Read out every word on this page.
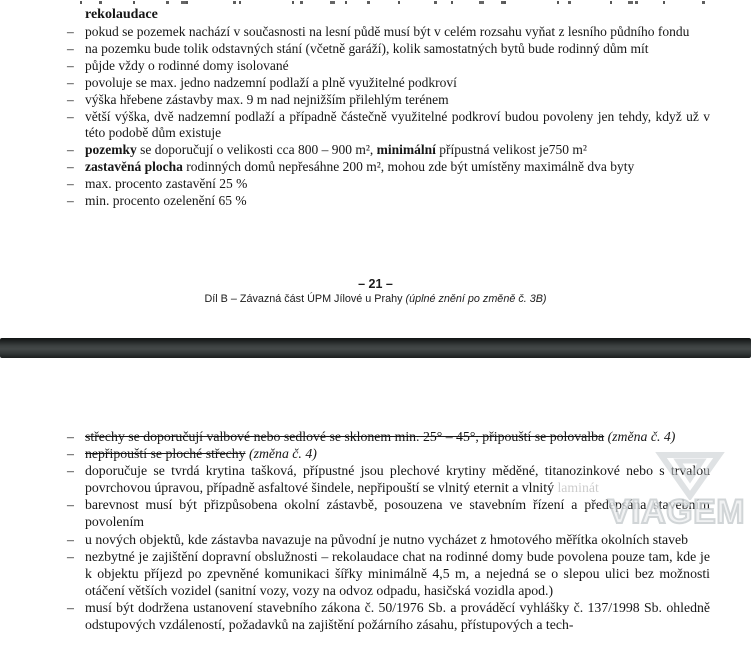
rekolaudace
– pokud se pozemek nachází v současnosti na lesní půdě musí být v celém rozsahu vyňat z lesního půdního fondu
– na pozemku bude tolik odstavných stání (včetně garáží), kolik samostatných bytů bude rodinný dům mít
– půjde vždy o rodinné domy isolované
– povoluje se max. jedno nadzemní podlaží a plně využitelné podkroví
– výška hřebene zástavby max. 9 m nad nejnižším přilehlým terénem
– větší výška, dvě nadzemní podlaží a případně částečně využitelné podkroví budou povoleny jen tehdy, když už v této podobě dům existuje
– pozemky se doporučují o velikosti cca 800 – 900 m², minimální přípustná velikost je750 m²
– zastavěná plocha rodinných domů nepřesáhne 200 m², mohou zde být umístěny maximálně dva byty
– max. procento zastavění 25 %
– min. procento ozelenění 65 %
– 21 –
Díl B – Závazná část ÚPM Jílové u Prahy (úplné znění po změně č. 3B)
– střechy se doporučují valbové nebo sedlové se sklonem min. 25° – 45°, připouští se polovalba (změna č. 4)
– nepřipouští se ploché střechy (změna č. 4)
– doporučuje se tvrdá krytina tašková, přípustné jsou plechové krytiny měděné, titanozinkové nebo s trvalou povrchovou úpravou, případně asfaltové šindele, nepřipouští se vlnitý eternit a vlnitý laminát
– barevnost musí být přizpůsobena okolní zástavbě, posouzena ve stavebním řízení a předepsána stavebním povolením
– u nových objektů, kde zástavba navazuje na původní je nutno vycházet z hmotového měřítka okolních staveb
– nezbytné je zajištění dopravní obslužnosti – rekolaudace chat na rodinné domy bude povolena pouze tam, kde je k objektu příjezd po zpevněné komunikaci šířky minimálně 4,5 m, a nejedná se o slepou ulici bez možnosti otáčení větších vozidel (sanitní vozy, vozy na odvoz odpadu, hasičská vozidla apod.)
– musí být dodržena ustanovení stavebního zákona č. 50/1976 Sb. a prováděcí vyhlášky č. 137/1998 Sb. ohledně odstupových vzdáleností, požadavků na zajištění požárního zásahu, přístupových a tech-
VIAGEM
